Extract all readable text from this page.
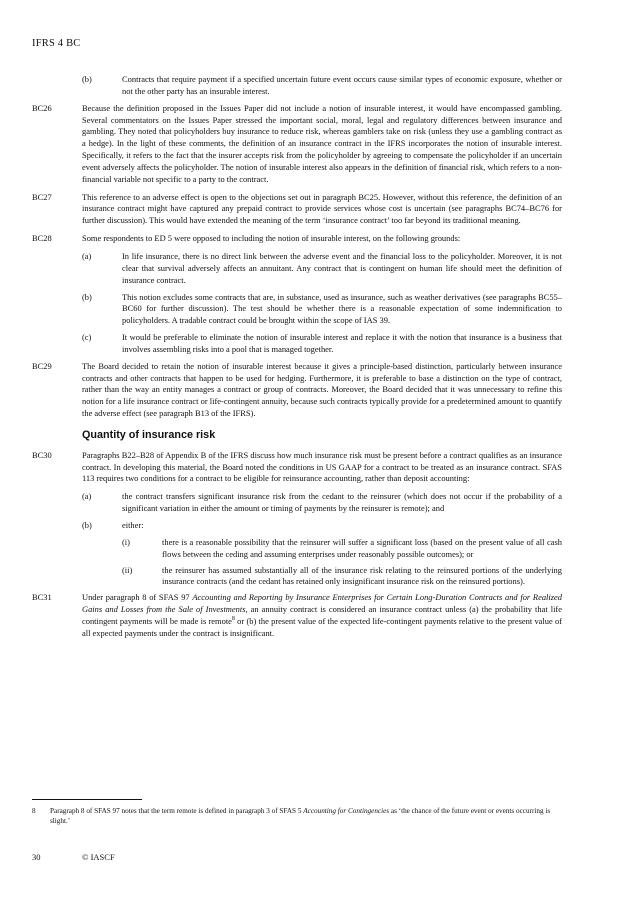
IFRS 4 BC
(b)	Contracts that require payment if a specified uncertain future event occurs cause similar types of economic exposure, whether or not the other party has an insurable interest.
BC26	Because the definition proposed in the Issues Paper did not include a notion of insurable interest, it would have encompassed gambling. Several commentators on the Issues Paper stressed the important social, moral, legal and regulatory differences between insurance and gambling. They noted that policyholders buy insurance to reduce risk, whereas gamblers take on risk (unless they use a gambling contract as a hedge). In the light of these comments, the definition of an insurance contract in the IFRS incorporates the notion of insurable interest. Specifically, it refers to the fact that the insurer accepts risk from the policyholder by agreeing to compensate the policyholder if an uncertain event adversely affects the policyholder. The notion of insurable interest also appears in the definition of financial risk, which refers to a non-financial variable not specific to a party to the contract.
BC27	This reference to an adverse effect is open to the objections set out in paragraph BC25. However, without this reference, the definition of an insurance contract might have captured any prepaid contract to provide services whose cost is uncertain (see paragraphs BC74–BC76 for further discussion). This would have extended the meaning of the term ‘insurance contract’ too far beyond its traditional meaning.
BC28	Some respondents to ED 5 were opposed to including the notion of insurable interest, on the following grounds:
(a)	In life insurance, there is no direct link between the adverse event and the financial loss to the policyholder. Moreover, it is not clear that survival adversely affects an annuitant. Any contract that is contingent on human life should meet the definition of insurance contract.
(b)	This notion excludes some contracts that are, in substance, used as insurance, such as weather derivatives (see paragraphs BC55–BC60 for further discussion). The test should be whether there is a reasonable expectation of some indemnification to policyholders. A tradable contract could be brought within the scope of IAS 39.
(c)	It would be preferable to eliminate the notion of insurable interest and replace it with the notion that insurance is a business that involves assembling risks into a pool that is managed together.
BC29	The Board decided to retain the notion of insurable interest because it gives a principle-based distinction, particularly between insurance contracts and other contracts that happen to be used for hedging. Furthermore, it is preferable to base a distinction on the type of contract, rather than the way an entity manages a contract or group of contracts. Moreover, the Board decided that it was unnecessary to refine this notion for a life insurance contract or life-contingent annuity, because such contracts typically provide for a predetermined amount to quantify the adverse effect (see paragraph B13 of the IFRS).
Quantity of insurance risk
BC30	Paragraphs B22–B28 of Appendix B of the IFRS discuss how much insurance risk must be present before a contract qualifies as an insurance contract. In developing this material, the Board noted the conditions in US GAAP for a contract to be treated as an insurance contract. SFAS 113 requires two conditions for a contract to be eligible for reinsurance accounting, rather than deposit accounting:
(a)	the contract transfers significant insurance risk from the cedant to the reinsurer (which does not occur if the probability of a significant variation in either the amount or timing of payments by the reinsurer is remote); and
(b)	either:
(i)	there is a reasonable possibility that the reinsurer will suffer a significant loss (based on the present value of all cash flows between the ceding and assuming enterprises under reasonably possible outcomes); or
(ii)	the reinsurer has assumed substantially all of the insurance risk relating to the reinsured portions of the underlying insurance contracts (and the cedant has retained only insignificant insurance risk on the reinsured portions).
BC31	Under paragraph 8 of SFAS 97 Accounting and Reporting by Insurance Enterprises for Certain Long-Duration Contracts and for Realized Gains and Losses from the Sale of Investments, an annuity contract is considered an insurance contract unless (a) the probability that life contingent payments will be made is remote$^8$ or (b) the present value of the expected life-contingent payments relative to the present value of all expected payments under the contract is insignificant.
8 Paragraph 8 of SFAS 97 notes that the term remote is defined in paragraph 3 of SFAS 5 Accounting for Contingencies as ‘the chance of the future event or events occurring is slight.’
30	© IASCF
